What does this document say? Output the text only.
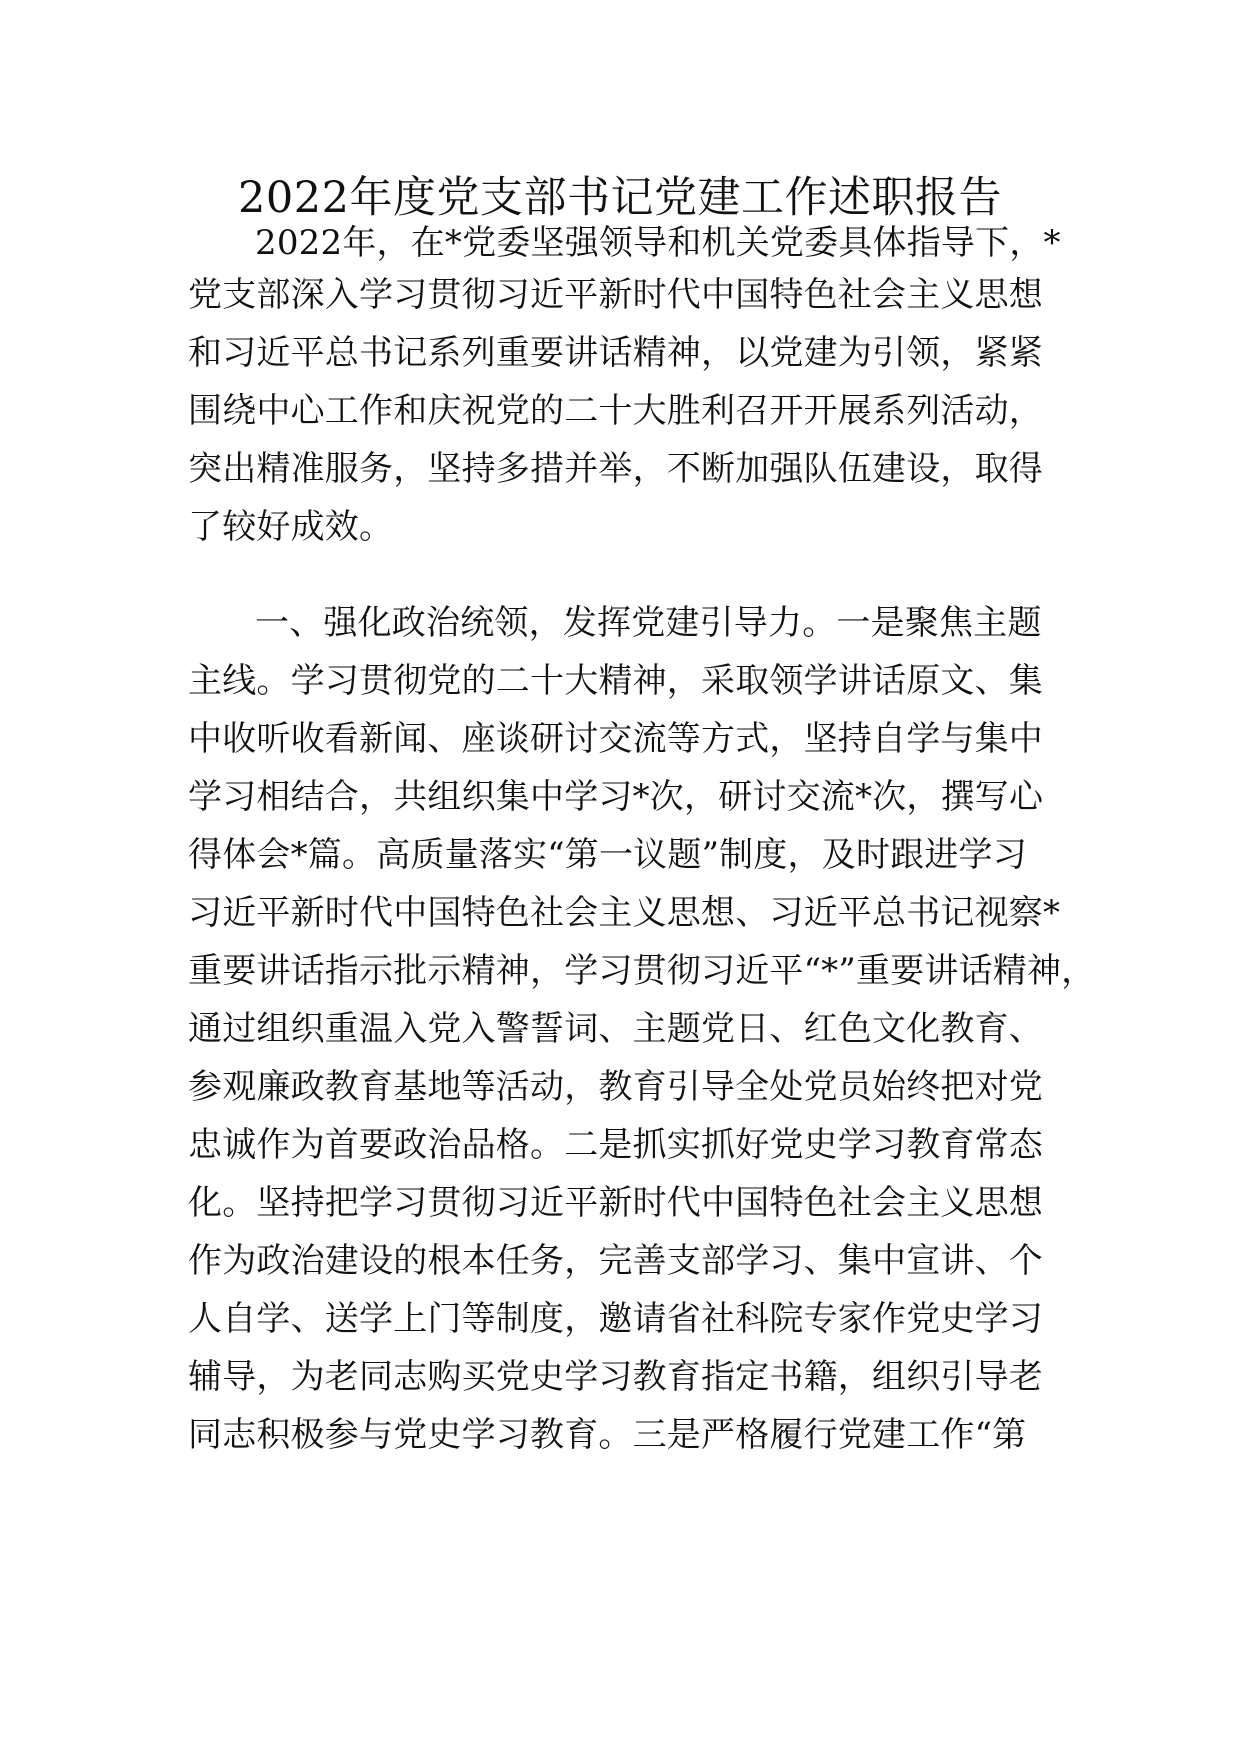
2022年度党支部书记党建工作述职报告

2022年，在*党委坚强领导和机关党委具体指导下，*

党支部深入学习贯彻习近平新时代中国特色社会主义思想

和习近平总书记系列重要讲话精神，以党建为引领，紧紧

围绕中心工作和庆祝党的二十大胜利召开开展系列活动，

突出精准服务，坚持多措并举，不断加强队伍建设，取得

了较好成效。

一、强化政治统领，发挥党建引导力。一是聚焦主题

主线。学习贯彻党的二十大精神，采取领学讲话原文、集

中收听收看新闻、座谈研讨交流等方式，坚持自学与集中

学习相结合，共组织集中学习*次，研讨交流*次，撰写心

得体会*篇。高质量落实“第一议题”制度，及时跟进学习

习近平新时代中国特色社会主义思想、习近平总书记视察*

重要讲话指示批示精神，学习贯彻习近平“*”重要讲话精神，

通过组织重温入党入警誓词、主题党日、红色文化教育、

参观廉政教育基地等活动，教育引导全处党员始终把对党

忠诚作为首要政治品格。二是抓实抓好党史学习教育常态

化。坚持把学习贯彻习近平新时代中国特色社会主义思想

作为政治建设的根本任务，完善支部学习、集中宣讲、个

人自学、送学上门等制度，邀请省社科院专家作党史学习

辅导，为老同志购买党史学习教育指定书籍，组织引导老

同志积极参与党史学习教育。三是严格履行党建工作“第
